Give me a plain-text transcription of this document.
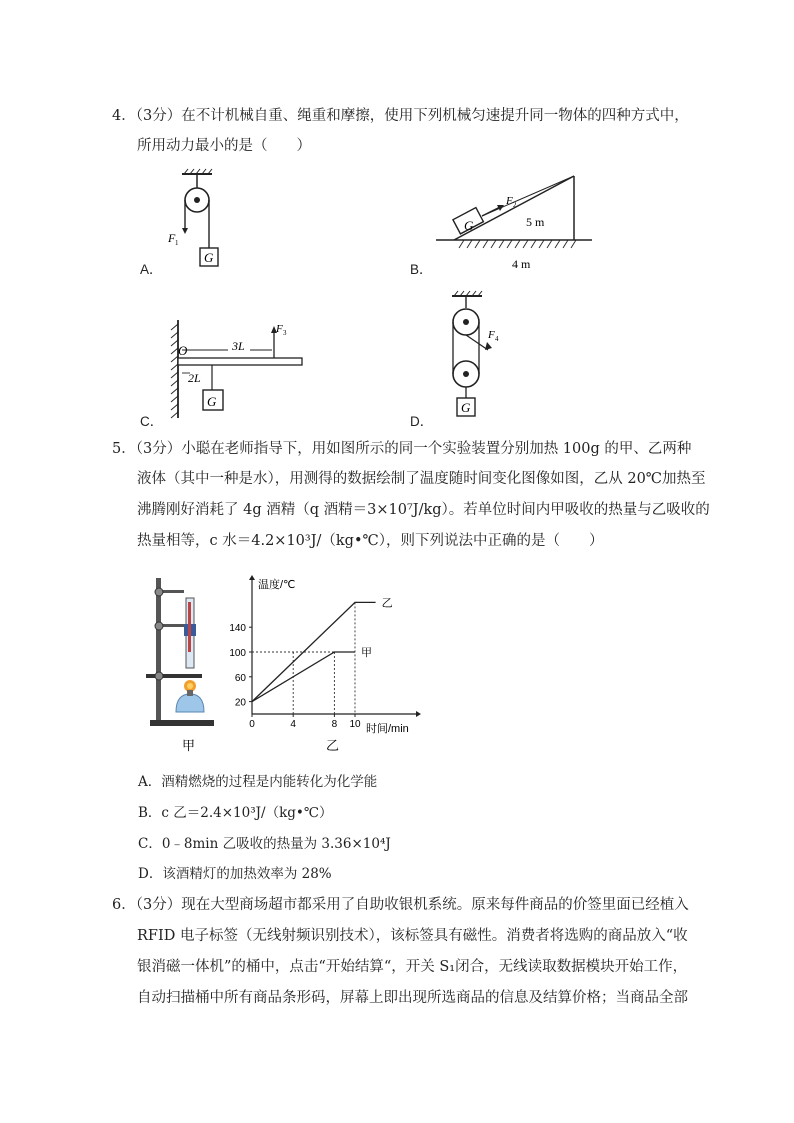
4．（3分）在不计机械自重、绳重和摩擦，使用下列机械匀速提升同一物体的四种方式中，
所用动力最小的是（　　）
G
F 1
A．
G
F 2
5 m
4 m
B．
O
G
F 3
3L
2L
C．
F 4
G
D．
5．（3分）小聪在老师指导下，用如图所示的同一个实验装置分别加热 100g 的甲、乙两种
液体（其中一种是水），用测得的数据绘制了温度随时间变化图像如图，乙从 20℃加热至
沸腾刚好消耗了 4g 酒精（q 酒精＝3×10⁷J/kg）。若单位时间内甲吸收的热量与乙吸收的
热量相等，c 水＝4.2×10³J/（kg•℃），则下列说法中正确的是（　　）
甲
温度/℃
时间/min
乙
20
60
100
140
0	4	8 10
乙
甲
A．酒精燃烧的过程是内能转化为化学能
B．c 乙＝2.4×10³J/（kg•℃）
C．0﹣8min 乙吸收的热量为 3.36×10⁴J
D．该酒精灯的加热效率为 28%
6．（3分）现在大型商场超市都采用了自助收银机系统。原来每件商品的价签里面已经植入
RFID 电子标签（无线射频识别技术），该标签具有磁性。消费者将选购的商品放入“收
银消磁一体机”的桶中，点击“开始结算“，开关 S₁闭合，无线读取数据模块开始工作，
自动扫描桶中所有商品条形码，屏幕上即出现所选商品的信息及结算价格；当商品全部
